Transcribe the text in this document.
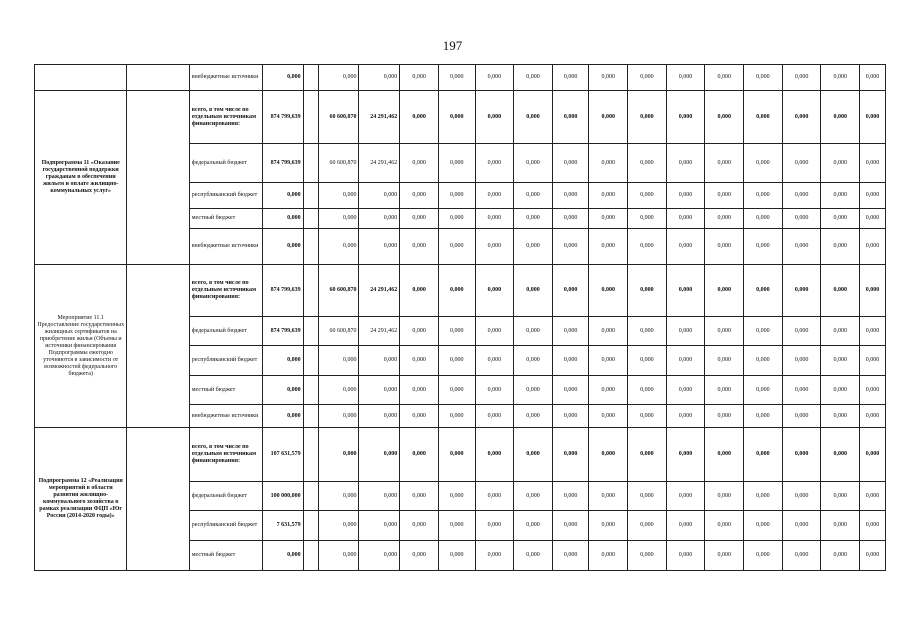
197
		внебюджетные источники	0,000		0,000	0,000	0,000	0,000	0,000	0,000	0,000	0,000	0,000	0,000	0,000	0,000	0,000	0,000	0,000
Подпрограмма 11 «Оказание государственной поддержки гражданам в обеспечении жильем и оплате жилищно-коммунальных услуг»		всего, в том числе по отдельным источникам финансирования:	874 799,639		60 600,870	24 291,462	0,000	0,000	0,000	0,000	0,000	0,000	0,000	0,000	0,000	0,000	0,000	0,000	0,000
		федеральный бюджет	874 799,639		60 600,870	24 291,462	0,000	0,000	0,000	0,000	0,000	0,000	0,000	0,000	0,000	0,000	0,000	0,000	0,000
		республиканский бюджет	0,000		0,000	0,000	0,000	0,000	0,000	0,000	0,000	0,000	0,000	0,000	0,000	0,000	0,000	0,000	0,000
		местный бюджет	0,000		0,000	0,000	0,000	0,000	0,000	0,000	0,000	0,000	0,000	0,000	0,000	0,000	0,000	0,000	0,000
		внебюджетные источники	0,000		0,000	0,000	0,000	0,000	0,000	0,000	0,000	0,000	0,000	0,000	0,000	0,000	0,000	0,000	0,000
Мероприятие 11.1 Предоставление государственных жилищных сертификатов на приобретение жилья (Объемы и источники финансирования Подпрограммы ежегодно уточняются в зависимости от возможностей федерального бюджета)		всего, в том числе по отдельным источникам финансирования:	874 799,639		60 600,870	24 291,462	0,000	0,000	0,000	0,000	0,000	0,000	0,000	0,000	0,000	0,000	0,000	0,000	0,000
		федеральный бюджет	874 799,639		60 600,870	24 291,462	0,000	0,000	0,000	0,000	0,000	0,000	0,000	0,000	0,000	0,000	0,000	0,000	0,000
		республиканский бюджет	0,000		0,000	0,000	0,000	0,000	0,000	0,000	0,000	0,000	0,000	0,000	0,000	0,000	0,000	0,000	0,000
		местный бюджет	0,000		0,000	0,000	0,000	0,000	0,000	0,000	0,000	0,000	0,000	0,000	0,000	0,000	0,000	0,000	0,000
		внебюджетные источники	0,000		0,000	0,000	0,000	0,000	0,000	0,000	0,000	0,000	0,000	0,000	0,000	0,000	0,000	0,000	0,000
Подпрограмма 12 «Реализация мероприятий в области развития жилищно-коммунального хозяйства в рамках реализации ФЦП «Юг России (2014-2020 годы)»		всего, в том числе по отдельным источникам финансирования:	107 631,579		0,000	0,000	0,000	0,000	0,000	0,000	0,000	0,000	0,000	0,000	0,000	0,000	0,000	0,000	0,000
		федеральный бюджет	100 000,000		0,000	0,000	0,000	0,000	0,000	0,000	0,000	0,000	0,000	0,000	0,000	0,000	0,000	0,000	0,000
		республиканский бюджет	7 631,579		0,000	0,000	0,000	0,000	0,000	0,000	0,000	0,000	0,000	0,000	0,000	0,000	0,000	0,000	0,000
		местный бюджет	0,000		0,000	0,000	0,000	0,000	0,000	0,000	0,000	0,000	0,000	0,000	0,000	0,000	0,000	0,000	0,000
